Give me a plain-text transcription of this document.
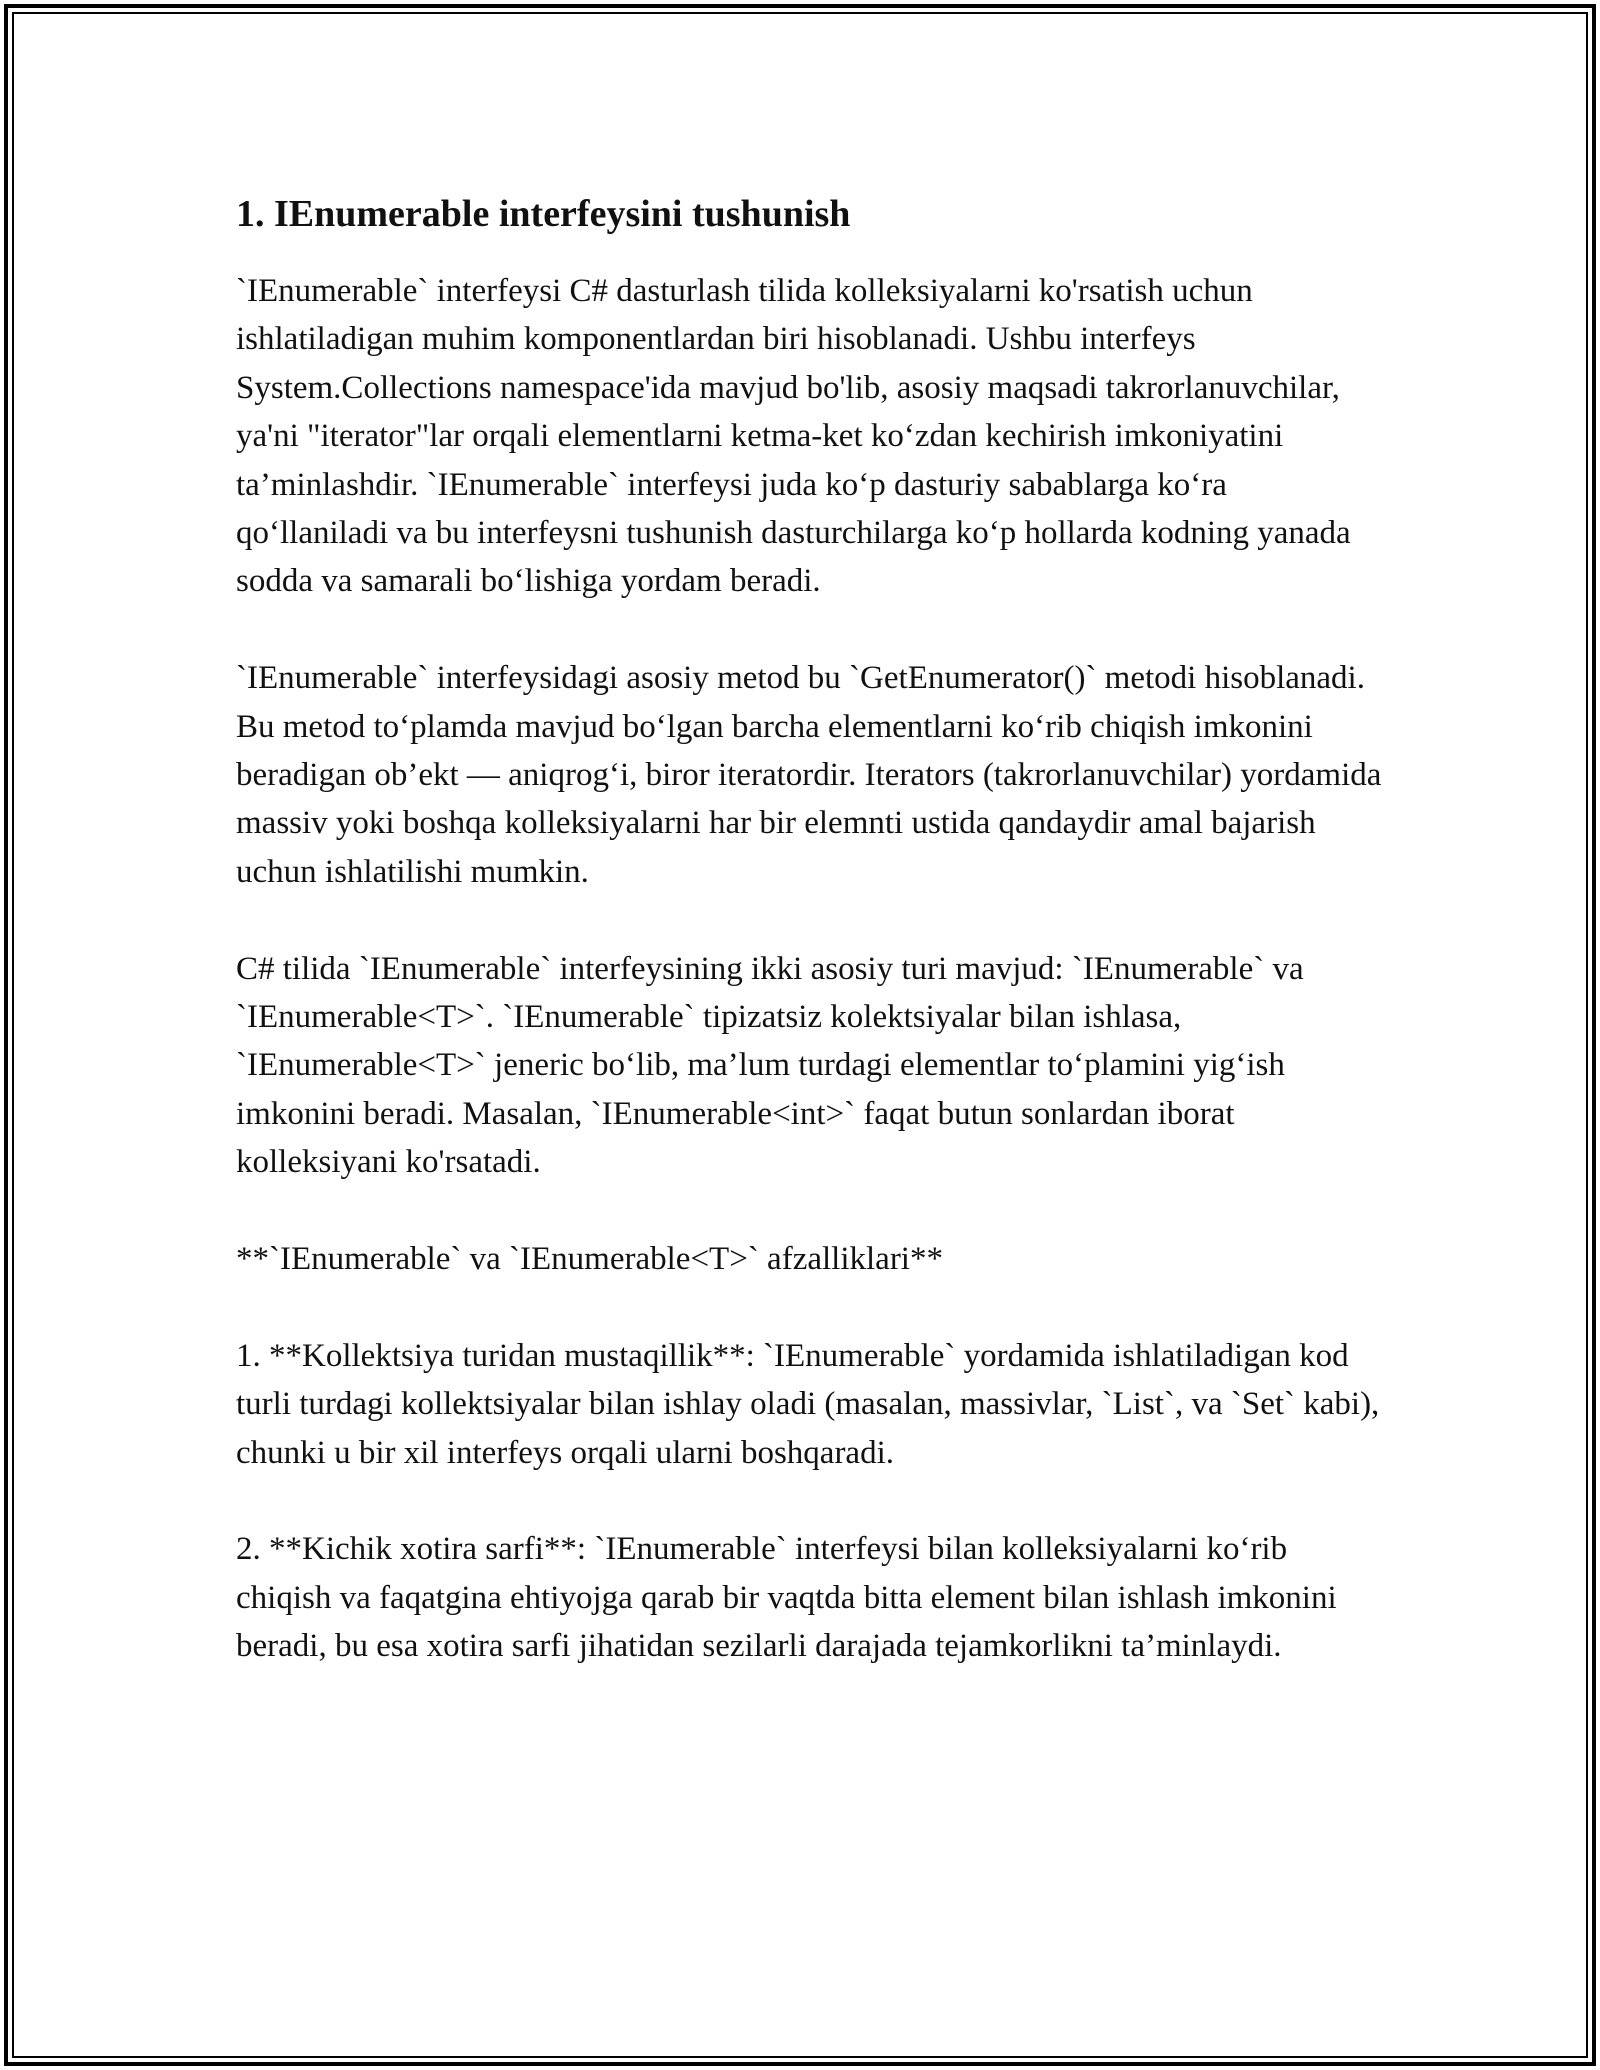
1. IEnumerable interfeysini tushunish

`IEnumerable` interfeysi C# dasturlash tilida kolleksiyalarni ko'rsatish uchun ishlatiladigan muhim komponentlardan biri hisoblanadi. Ushbu interfeys System.Collections namespace'ida mavjud bo'lib, asosiy maqsadi takrorlanuvchilar, ya'ni "iterator"lar orqali elementlarni ketma-ket ko‘zdan kechirish imkoniyatini ta’minlashdir. `IEnumerable` interfeysi juda ko‘p dasturiy sabablarga ko‘ra qo‘llaniladi va bu interfeysni tushunish dasturchilarga ko‘p hollarda kodning yanada sodda va samarali bo‘lishiga yordam beradi.

`IEnumerable` interfeysidagi asosiy metod bu `GetEnumerator()` metodi hisoblanadi. Bu metod to‘plamda mavjud bo‘lgan barcha elementlarni ko‘rib chiqish imkonini beradigan ob’ekt — aniqrog‘i, biror iteratordir. Iterators (takrorlanuvchilar) yordamida massiv yoki boshqa kolleksiyalarni har bir elemnti ustida qandaydir amal bajarish uchun ishlatilishi mumkin.

C# tilida `IEnumerable` interfeysining ikki asosiy turi mavjud: `IEnumerable` va `IEnumerable<T>`. `IEnumerable` tipizatsiz kolektsiyalar bilan ishlasa, `IEnumerable<T>` jeneric bo‘lib, ma’lum turdagi elementlar to‘plamini yig‘ish imkonini beradi. Masalan, `IEnumerable<int>` faqat butun sonlardan iborat kolleksiyani ko'rsatadi.

**`IEnumerable` va `IEnumerable<T>` afzalliklari**

1. **Kollektsiya turidan mustaqillik**: `IEnumerable` yordamida ishlatiladigan kod turli turdagi kollektsiyalar bilan ishlay oladi (masalan, massivlar, `List`, va `Set` kabi), chunki u bir xil interfeys orqali ularni boshqaradi.

2. **Kichik xotira sarfi**: `IEnumerable` interfeysi bilan kolleksiyalarni ko‘rib chiqish va faqatgina ehtiyojga qarab bir vaqtda bitta element bilan ishlash imkonini beradi, bu esa xotira sarfi jihatidan sezilarli darajada tejamkorlikni ta’minlaydi.
